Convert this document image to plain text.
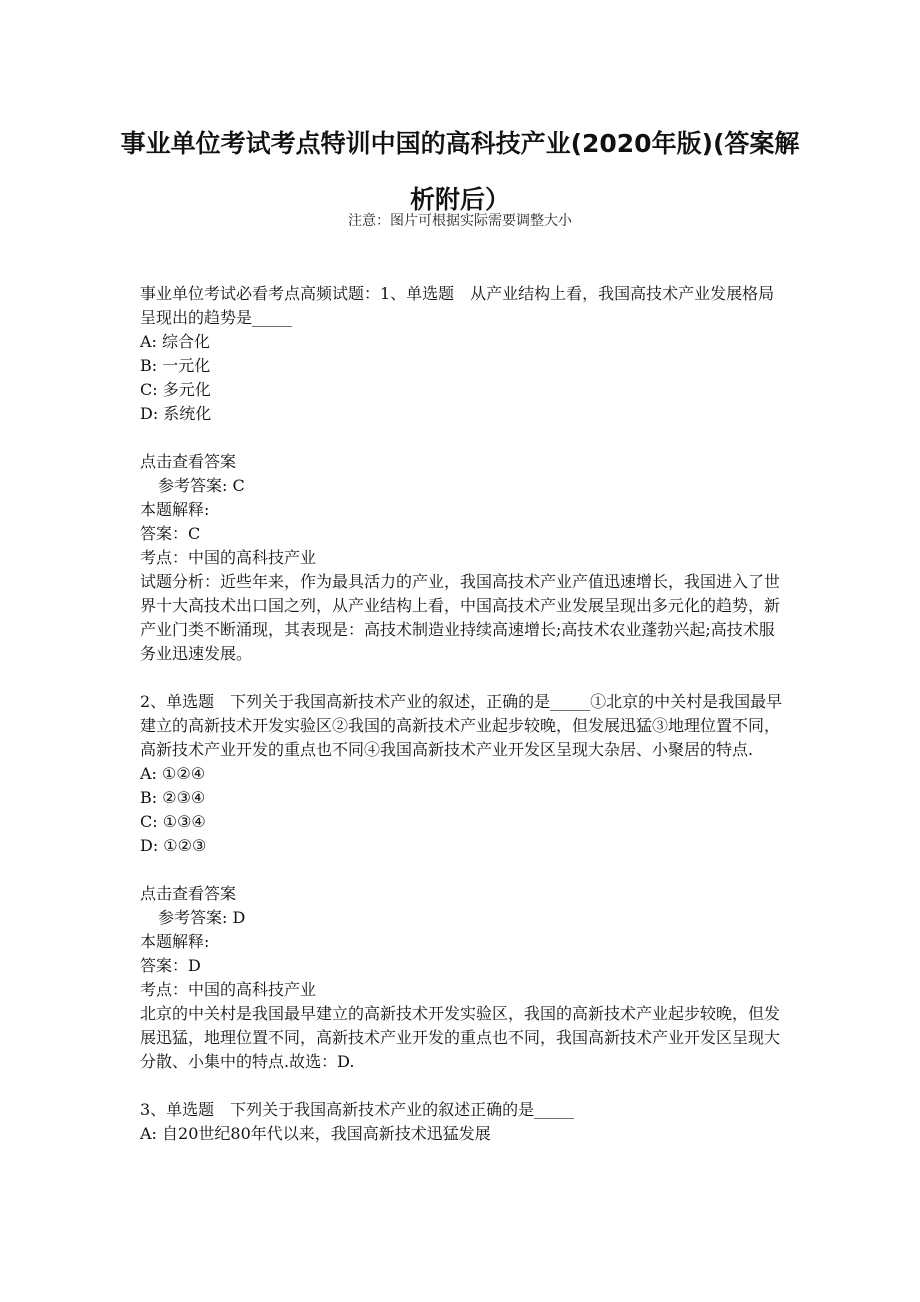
事业单位考试考点特训中国的高科技产业(2020年版)(答案解析附后）
注意：图片可根据实际需要调整大小
事业单位考试必看考点高频试题：1、单选题　从产业结构上看，我国高技术产业发展格局呈现出的趋势是_____
A: 综合化
B: 一元化
C: 多元化
D: 系统化
点击查看答案
参考答案: C
本题解释:
答案：C
考点：中国的高科技产业
试题分析：近些年来，作为最具活力的产业，我国高技术产业产值迅速增长，我国进入了世界十大高技术出口国之列，从产业结构上看，中国高技术产业发展呈现出多元化的趋势，新产业门类不断涌现，其表现是：高技术制造业持续高速增长;高技术农业蓬勃兴起;高技术服务业迅速发展。
2、单选题　下列关于我国高新技术产业的叙述，正确的是_____①北京的中关村是我国最早建立的高新技术开发实验区②我国的高新技术产业起步较晚，但发展迅猛③地理位置不同，高新技术产业开发的重点也不同④我国高新技术产业开发区呈现大杂居、小聚居的特点.
A: ①②④
B: ②③④
C: ①③④
D: ①②③
点击查看答案
参考答案: D
本题解释:
答案：D
考点：中国的高科技产业
北京的中关村是我国最早建立的高新技术开发实验区，我国的高新技术产业起步较晚，但发展迅猛，地理位置不同，高新技术产业开发的重点也不同，我国高新技术产业开发区呈现大分散、小集中的特点.故选：D.
3、单选题　下列关于我国高新技术产业的叙述正确的是_____
A: 自20世纪80年代以来，我国高新技术迅猛发展
